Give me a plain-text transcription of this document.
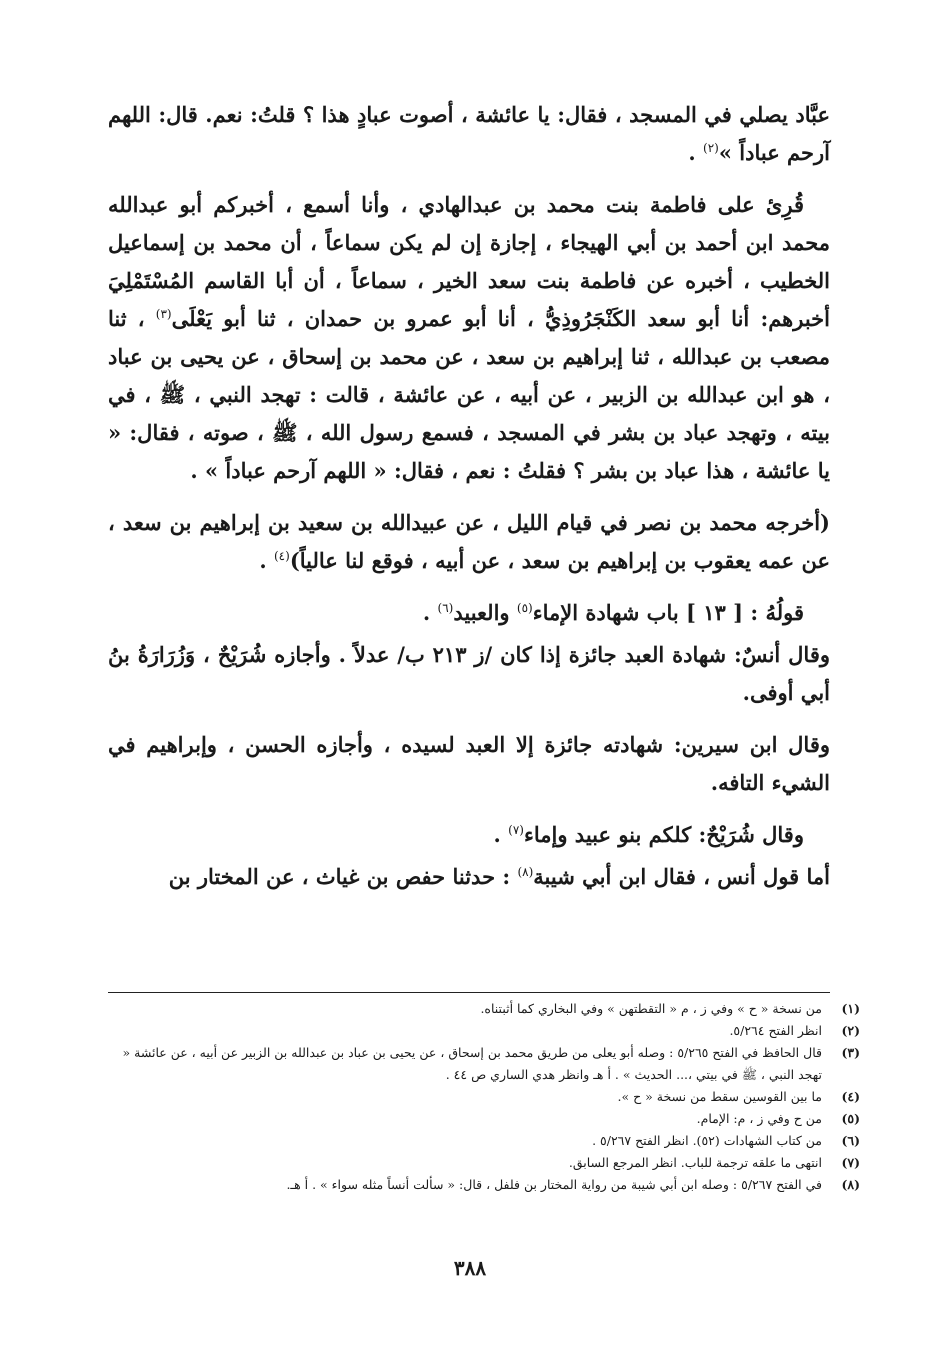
عبَّاد يصلي في المسجد ، فقال: يا عائشة ، أصوت عبادٍ هذا ؟ قلتُ: نعم. قال: اللهم آرحم عباداً »$^{(٢)}$ .

قُرِئ على فاطمة بنت محمد بن عبدالهادي ، وأنا أسمع ، أخبركم أبو عبدالله محمد ابن أحمد بن أبي الهيجاء ، إجازة إن لم يكن سماعاً ، أن محمد بن إسماعيل الخطيب ، أخبره عن فاطمة بنت سعد الخير ، سماعاً ، أن أبا القاسم المُسْتَمْلِيَ أخبرهم: أنا أبو سعد الكَنْجَرُوذِيُّ ، أنا أبو عمرو بن حمدان ، ثنا أبو يَعْلَى$^{(٣)}$ ، ثنا مصعب بن عبدالله ، ثنا إبراهيم بن سعد ، عن محمد بن إسحاق ، عن يحيى بن عباد ، هو ابن عبدالله بن الزبير ، عن أبيه ، عن عائشة ، قالت : تهجد النبي ، ﷺ ، في بيته ، وتهجد عباد بن بشر في المسجد ، فسمع رسول الله ، ﷺ ، صوته ، فقال: « يا عائشة ، هذا عباد بن بشر ؟ فقلتُ : نعم ، فقال: « اللهم آرحم عباداً » .

(أخرجه محمد بن نصر في قيام الليل ، عن عبيدالله بن سعيد بن إبراهيم بن سعد ، عن عمه يعقوب بن إبراهيم بن سعد ، عن أبيه ، فوقع لنا عالياً)$^{(٤)}$ .

قولُهُ : [ ١٣ ] باب شهادة الإماء$^{(٥)}$ والعبيد$^{(٦)}$ .

وقال أنسٌ: شهادة العبد جائزة إذا كان /ز ٢١٣ ب/ عدلاً . وأجازه شُرَيْحٌ ، وَزُرَارَةُ بنُ أبي أوفى.

وقال ابن سيرين: شهادته جائزة إلا العبد لسيده ، وأجازه الحسن ، وإبراهيم في الشيء التافه.

وقال شُرَيْحٌ: كلكم بنو عبيد وإماء$^{(٧)}$ .

أما قول أنس ، فقال ابن أبي شيبة$^{(٨)}$ : حدثنا حفص بن غياث ، عن المختار بن

(١)
من نسخة « ح » وفي ز ، م « التقطتهن » وفي البخاري كما أثبتناه.
(٢)
انظر الفتح ٥/٢٦٤.
(٣)
قال الحافظ في الفتح ٥/٢٦٥ : وصله أبو يعلى من طريق محمد بن إسحاق ، عن يحيى بن عباد بن عبدالله بن الزبير عن أبيه ، عن عائشة « تهجد النبي ، ﷺ في بيتي ،... الحديث » . أ هـ وانظر هدي الساري ص ٤٤ .
(٤)
ما بين القوسين سقط من نسخة « ح ».
(٥)
من ح وفي ز ، م: الإمام.
(٦)
من كتاب الشهادات (٥٢). انظر الفتح ٥/٢٦٧ .
(٧)
انتهى ما علقه ترجمة للباب. انظر المرجع السابق.
(٨)
في الفتح ٥/٢٦٧ : وصله ابن أبي شيبة من رواية المختار بن فلفل ، قال: « سألت أنساً مثله سواء » . أ هـ.
٣٨٨
